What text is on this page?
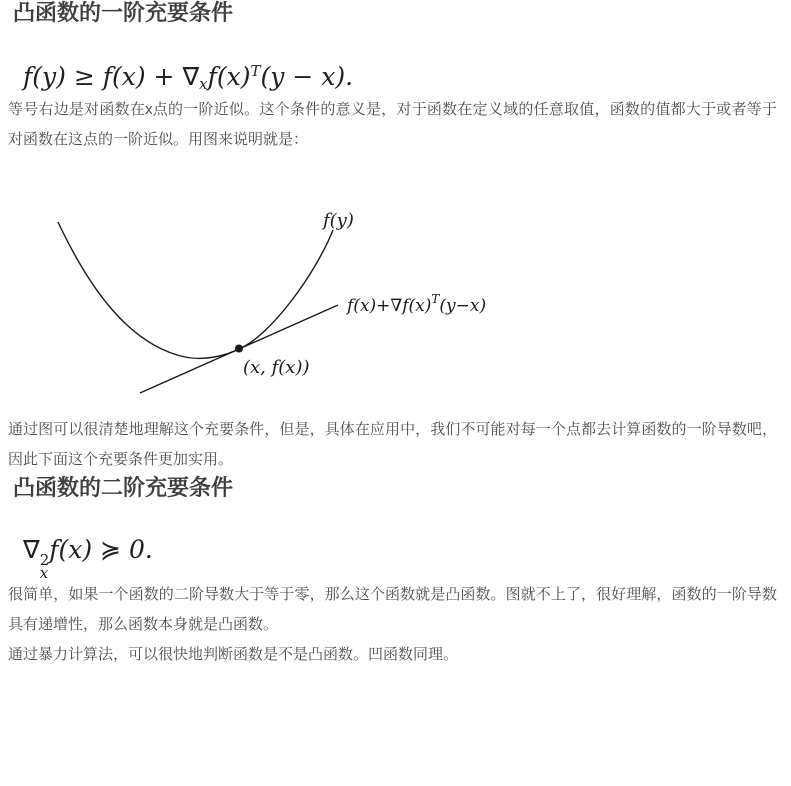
凸函数的一阶充要条件
$f(y) \ge f(x) + \nabla_xf(x)^T(y - x)$.

等号右边是对函数在x点的一阶近似。这个条件的意义是，对于函数在定义域的任意取值，函数的值都大于或者等于对函数在这点的一阶近似。用图来说明就是：

f(y)
$f(x)+\nabla f(x)^T(y-x)$
(x, f(x))

通过图可以很清楚地理解这个充要条件，但是，具体在应用中，我们不可能对每一个点都去计算函数的一阶导数吧，因此下面这个充要条件更加实用。

凸函数的二阶充要条件
∇ 2
x
f(x) ≽ 0.

很简单，如果一个函数的二阶导数大于等于零，那么这个函数就是凸函数。图就不上了，很好理解，函数的一阶导数具有递增性，那么函数本身就是凸函数。

通过暴力计算法，可以很快地判断函数是不是凸函数。凹函数同理。
